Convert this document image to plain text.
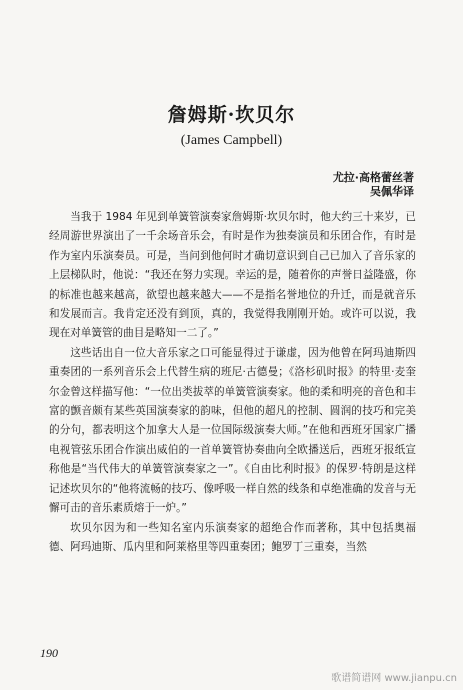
詹姆斯·坎贝尔
(James Campbell)
尤拉·高格蕾丝著
吴佩华译

当我于 1984 年见到单簧管演奏家詹姆斯·坎贝尔时，他大约三十来岁，已经周游世界演出了一千余场音乐会，有时是作为独奏演员和乐团合作，有时是作为室内乐演奏员。可是，当问到他何时才确切意识到自己已加入了音乐家的上层梯队时，他说：“我还在努力实现。幸运的是，随着你的声誉日益隆盛，你的标准也越来越高，欲望也越来越大——不是指名誉地位的升迁，而是就音乐和发展而言。我肯定还没有到顶，真的，我觉得我刚刚开始。或许可以说，我现在对单簧管的曲目是略知一二了。”

这些话出自一位大音乐家之口可能显得过于谦虚，因为他曾在阿玛迪斯四重奏团的一系列音乐会上代替生病的班尼·古德曼；《洛杉矶时报》的特里·麦奎尔金曾这样描写他：“一位出类拔萃的单簧管演奏家。他的柔和明亮的音色和丰富的颤音颇有某些英国演奏家的韵味，但他的超凡的控制、圆润的技巧和完美的分句，都表明这个加拿大人是一位国际级演奏大师。”在他和西班牙国家广播电视管弦乐团合作演出威伯的一首单簧管协奏曲向全欧播送后，西班牙报纸宣称他是“当代伟大的单簧管演奏家之一”。《自由比利时报》的保罗·特朗是这样记述坎贝尔的“他将流畅的技巧、像呼吸一样自然的线条和卓绝准确的发音与无懈可击的音乐素质熔于一炉。”

坎贝尔因为和一些知名室内乐演奏家的超绝合作而著称，其中包括奥福德、阿玛迪斯、瓜内里和阿莱格里等四重奏团；鲍罗丁三重奏，当然

190
歌谱简谱网 www.jianpu.cn
